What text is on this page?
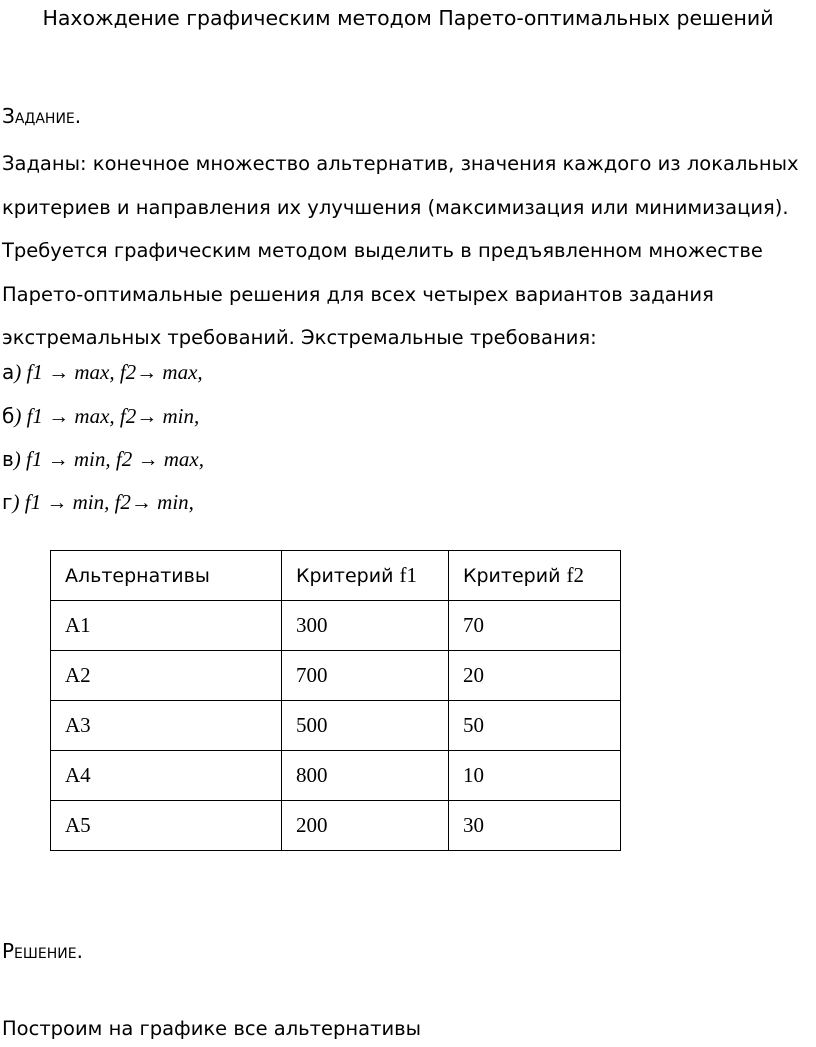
Нахождение графическим методом Парето-оптимальных решений
Задание.
Заданы: конечное множество альтернатив, значения каждого из локальных
критериев и направления их улучшения (максимизация или минимизация).
Требуется графическим методом выделить в предъявленном множестве
Парето-оптимальные решения для всех четырех вариантов задания
экстремальных требований. Экстремальные требования:
а) f1 → max, f2→ max,
б) f1 → max, f2→ min,
в) f1 → min, f2 → max,
г) f1 → min, f2→ min,
Альтернативы	Критерий f1	Критерий f2
A1	300	70
A2	700	20
A3	500	50
A4	800	10
A5	200	30
Решение.
Построим на графике все альтернативы
